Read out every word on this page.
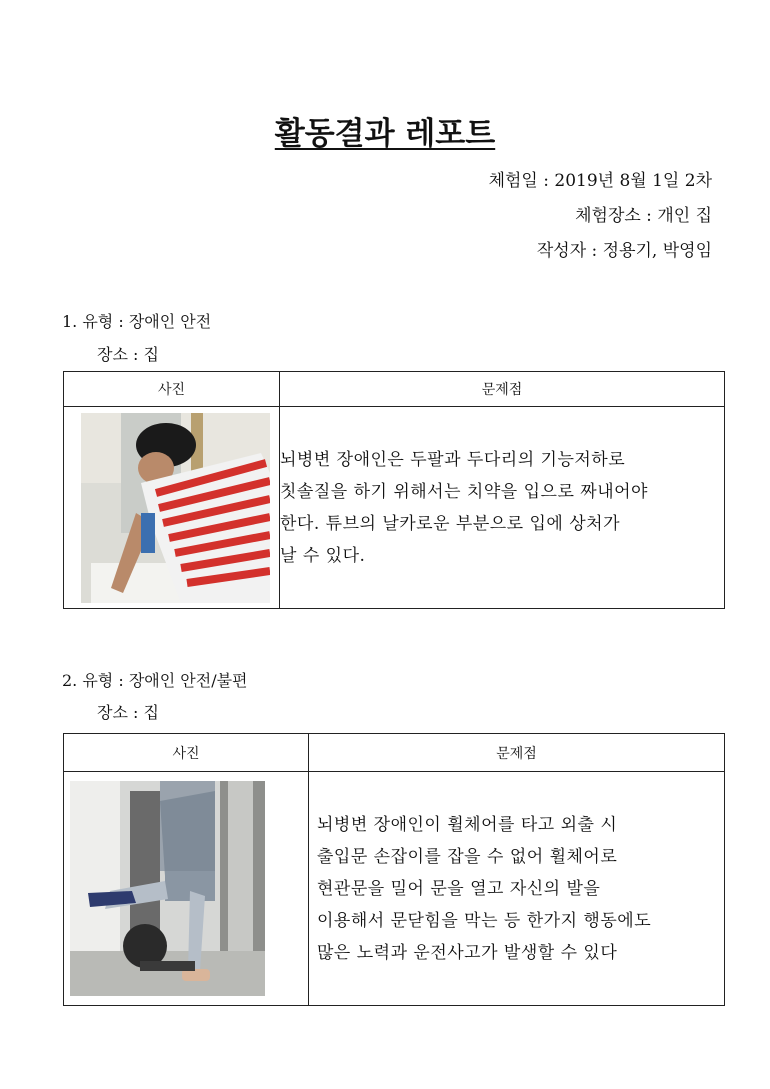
활동결과 레포트
체험일 : 2019년 8월 1일 2차
체험장소 : 개인 집
작성자 : 정용기, 박영임
1. 유형 : 장애인 안전
장소 : 집
사진	문제점

뇌병변 장애인은 두팔과 두다리의 기능저하로
칫솔질을 하기 위해서는 치약을 입으로 짜내어야
한다. 튜브의 날카로운 부분으로 입에 상처가
날 수 있다.
2. 유형 : 장애인 안전/불편
장소 : 집
사진	문제점

뇌병변 장애인이 휠체어를 타고 외출 시
출입문 손잡이를 잡을 수 없어 휠체어로
현관문을 밀어 문을 열고 자신의 발을
이용해서 문닫힘을 막는 등 한가지 행동에도
많은 노력과 운전사고가 발생할 수 있다
